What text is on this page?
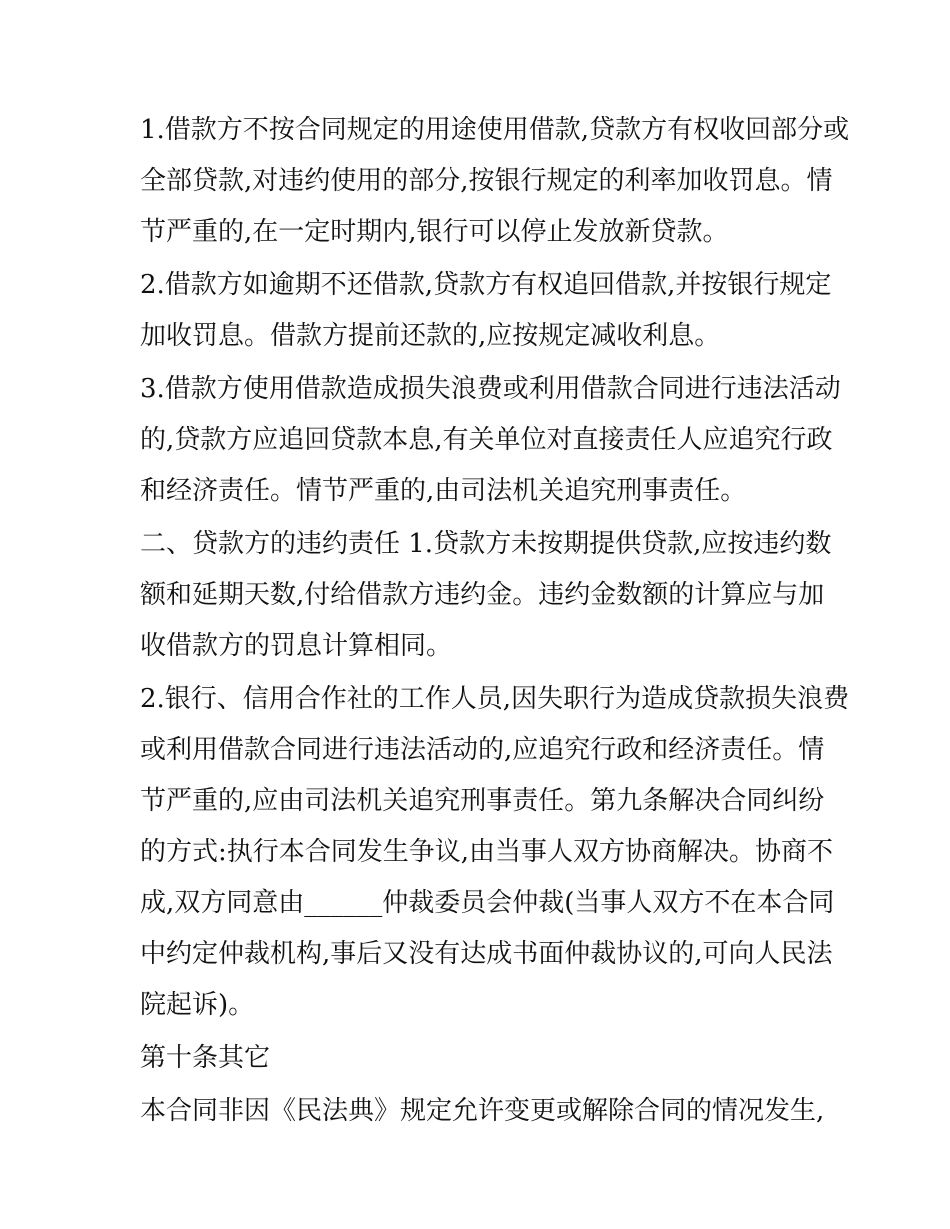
1.借款方不按合同规定的用途使用借款,贷款方有权收回部分或
全部贷款,对违约使用的部分,按银行规定的利率加收罚息。情
节严重的,在一定时期内,银行可以停止发放新贷款。
2.借款方如逾期不还借款,贷款方有权追回借款,并按银行规定
加收罚息。借款方提前还款的,应按规定减收利息。
3.借款方使用借款造成损失浪费或利用借款合同进行违法活动
的,贷款方应追回贷款本息,有关单位对直接责任人应追究行政
和经济责任。情节严重的,由司法机关追究刑事责任。
二、贷款方的违约责任 1.贷款方未按期提供贷款,应按违约数
额和延期天数,付给借款方违约金。违约金数额的计算应与加
收借款方的罚息计算相同。
2.银行、信用合作社的工作人员,因失职行为造成贷款损失浪费
或利用借款合同进行违法活动的,应追究行政和经济责任。情
节严重的,应由司法机关追究刑事责任。第九条解决合同纠纷
的方式:执行本合同发生争议,由当事人双方协商解决。协商不
成,双方同意由______仲裁委员会仲裁(当事人双方不在本合同
中约定仲裁机构,事后又没有达成书面仲裁协议的,可向人民法
院起诉)。
第十条其它
本合同非因《民法典》规定允许变更或解除合同的情况发生,
